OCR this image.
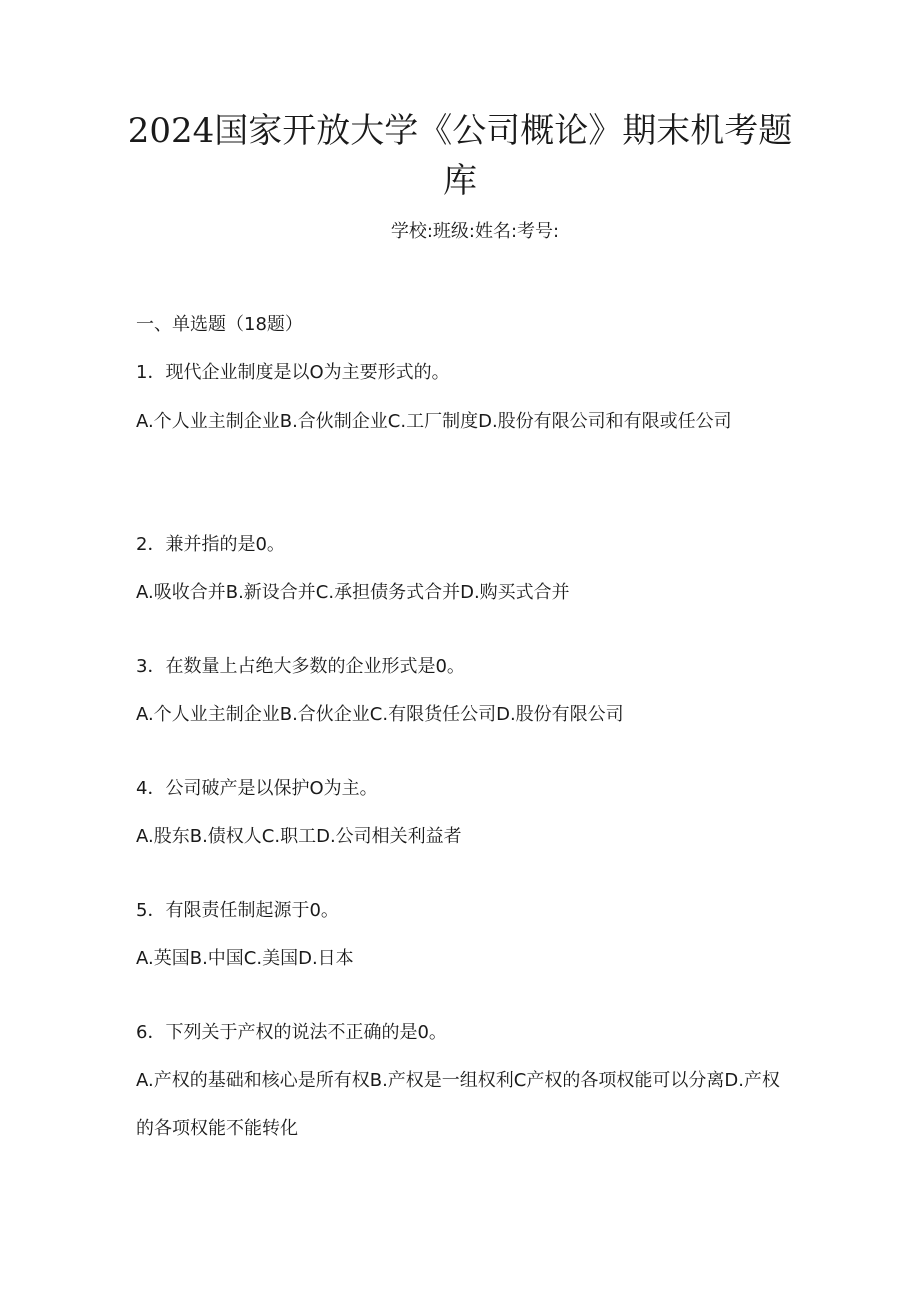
2024国家开放大学《公司概论》期末机考题库
学校:班级:姓名:考号:
一、单选题（18题）
1．现代企业制度是以O为主要形式的。
A.个人业主制企业B.合伙制企业C.工厂制度D.股份有限公司和有限或任公司
2．兼并指的是0。
A.吸收合并B.新设合并C.承担债务式合并D.购买式合并
3．在数量上占绝大多数的企业形式是0。
A.个人业主制企业B.合伙企业C.有限货任公司D.股份有限公司
4．公司破产是以保护O为主。
A.股东B.债权人C.职工D.公司相关利益者
5．有限责任制起源于0。
A.英国B.中国C.美国D.日本
6．下列关于产权的说法不正确的是0。
A.产权的基础和核心是所有权B.产权是一组权利C产权的各项权能可以分离D.产权的各项权能不能转化
